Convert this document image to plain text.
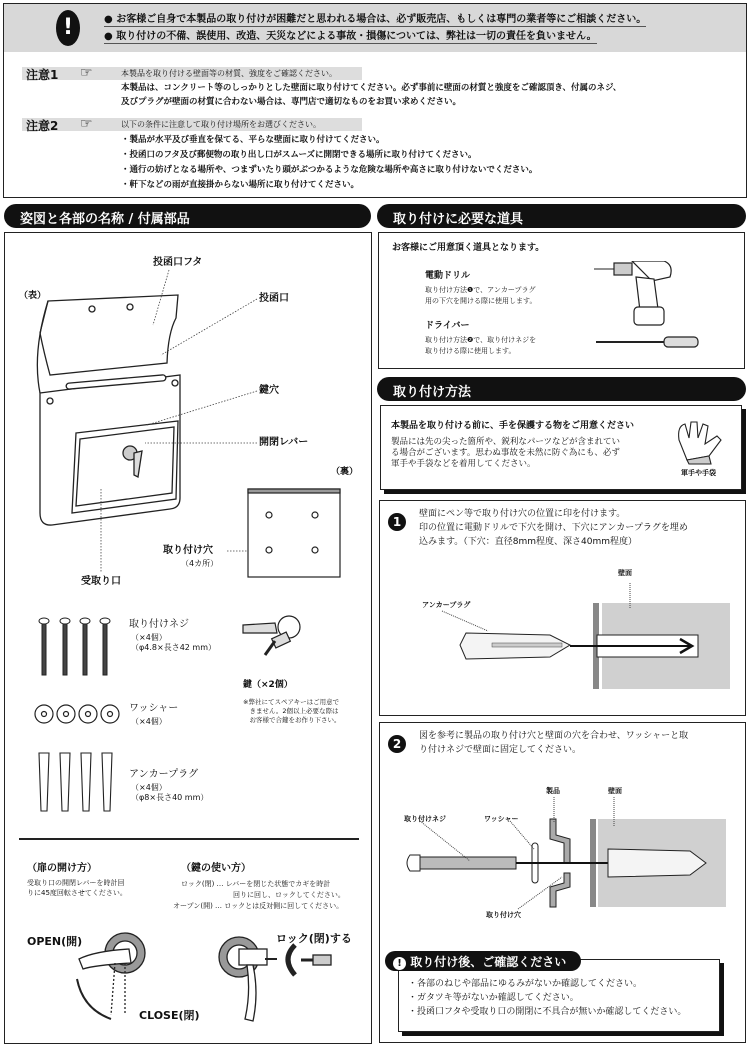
!	● お客様ご自身で本製品の取り付けが困難だと思われる場合は、必ず販売店、もしくは専門の業者等にご相談ください。
● 取り付けの不備、誤使用、改造、天災などによる事故・損傷については、弊社は一切の責任を負いません。
注意1 ☞	本製品を取り付ける壁面等の材質、強度をご確認ください。
本製品は、コンクリート等のしっかりとした壁面に取り付けてください。必ず事前に壁面の材質と強度をご確認頂き、付属のネジ、
及びプラグが壁面の材質に合わない場合は、専門店で適切なものをお買い求めください。
注意2 ☞	以下の条件に注意して取り付け場所をお選びください。
・製品が水平及び垂直を保てる、平らな壁面に取り付けてください。
・投函口のフタ及び郵便物の取り出し口がスムーズに開閉できる場所に取り付けてください。
・通行の妨げとなる場所や、つまずいたり頭がぶつかるような危険な場所や高さに取り付けないでください。
・軒下などの雨が直接掛からない場所に取り付けてください。
姿図と各部の名称 / 付属部品
投函口フタ
（表）	投函口
鍵穴
開閉レバー
（裏）
取り付け穴
（4カ所）
受取り口
取り付けネジ
（×4個）
（φ4.8×長さ42 mm）
鍵（×2個）
※弊社にてスペアキーはご用意で
　きません。2個以上必要な際は
　お客様で合鍵をお作り下さい。
ワッシャー
（×4個）
アンカープラグ
（×4個）
（φ8×長さ40 mm）
（扉の開け方）
受取り口の開閉レバーを時計回
りに45度回転させてください。
（鍵の使い方）
ロック(閉) … レバーを閉じた状態でカギを時計
回りに回し、ロックしてください。
オープン(開) … ロックとは反対側に回してください。
OPEN(開)
CLOSE(閉)
ロック(閉)する
取り付けに必要な道具
お客様にご用意頂く道具となります。
電動ドリル
取り付け方法❶で、アンカープラグ
用の下穴を開ける際に使用します。
ドライバー
取り付け方法❷で、取り付けネジを
取り付ける際に使用します。
取り付け方法
本製品を取り付ける前に、手を保護する物をご用意ください
製品には先の尖った箇所や、鋭利なパーツなどが含まれてい
る場合がございます。思わぬ事故を未然に防ぐ為にも、必ず
軍手や手袋などを着用してください。
軍手や手袋
1
壁面にペン等で取り付け穴の位置に印を付けます。
印の位置に電動ドリルで下穴を開け、下穴にアンカープラグを埋め
込みます。（下穴：直径8mm程度、深さ40mm程度）
壁面
アンカープラグ
2
図を参考に製品の取り付け穴と壁面の穴を合わせ、ワッシャーと取
り付けネジで壁面に固定してください。
製品	壁面
取り付けネジ	ワッシャー
取り付け穴
! 取り付け後、ご確認ください
・各部のねじや部品にゆるみがないか確認してください。
・ガタツキ等がないか確認してください。
・投函口フタや受取り口の開閉に不具合が無いか確認してください。
